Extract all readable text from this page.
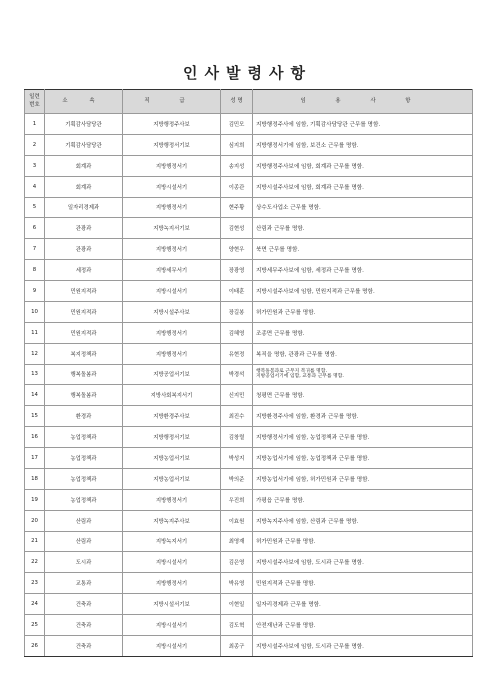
인사발령사항
일련
번호	소 속	직 급	성 명	임 용 사 항
1	기획감사담당관	지방행정주사보	김민모	지방행정주사에 임함, 기획감사담당관 근무를 명함.
2	기획감사담당관	지방행정서기보	심지희	지방행정서기에 임함, 보건소 근무를 명함.
3	회계과	지방행정서기	송지성	지방행정주사보에 임함, 회계과 근무를 명함.
4	회계과	지방시설서기	이종관	지방시설주사보에 임함, 회계과 근무를 명함.
5	일자리경제과	지방행정서기	현주황	상수도사업소 근무를 명함.
6	관광과	지방녹지서기보	김현성	산림과 근무를 명함.
7	관광과	지방행정서기	양현우	북면 근무를 명함.
8	세정과	지방세무서기	장광영	지방세무주사보에 임함, 세정과 근무를 명함.
9	민원지적과	지방시설서기	이태훈	지방시설주사보에 임함, 민원지적과 근무를 명함.
10	민원지적과	지방시설주사보	장길봉	허가민원과 근무를 명함.
11	민원지적과	지방행정서기	김혜영	조종면 근무를 명함.
12	복지정책과	지방행정서기	유현정	복직을 명함, 관광과 근무를 명함.
13	행복돌봄과	지방공업서기보	박경석	행복돌봄과로 근무지 복귀를 명함.
지방공업서기에 임함, 교통과 근무를 명함.
14	행복돌봄과	지방사회복지서기	신지민	청평면 근무를 명함.
15	환경과	지방환경주사보	최진수	지방환경주사에 임함, 환경과 근무를 명함.
16	농업정책과	지방행정서기보	김창렬	지방행정서기에 임함, 농업정책과 근무를 명함.
17	농업정책과	지방농업서기보	박성지	지방농업서기에 임함, 농업정책과 근무를 명함.
18	농업정책과	지방농업서기보	박의준	지방농업서기에 임함, 허가민원과 근무를 명함.
19	농업정책과	지방행정서기	우진희	가평읍 근무를 명함.
20	산림과	지방녹지주사보	이효원	지방녹지주사에 임함, 산림과 근무를 명함.
21	산림과	지방녹지서기	최영재	허가민원과 근무를 명함.
22	도시과	지방시설서기	김은영	지방시설주사보에 임함, 도시과 근무를 명함.
23	교통과	지방행정서기	박유영	민원지적과 근무를 명함.
24	건축과	지방시설서기보	이현일	일자리경제과 근무를 명함.
25	건축과	지방시설서기	김도혁	안전재난과 근무를 명함.
26	건축과	지방시설서기	최종구	지방시설주사보에 임함, 도시과 근무를 명함.
